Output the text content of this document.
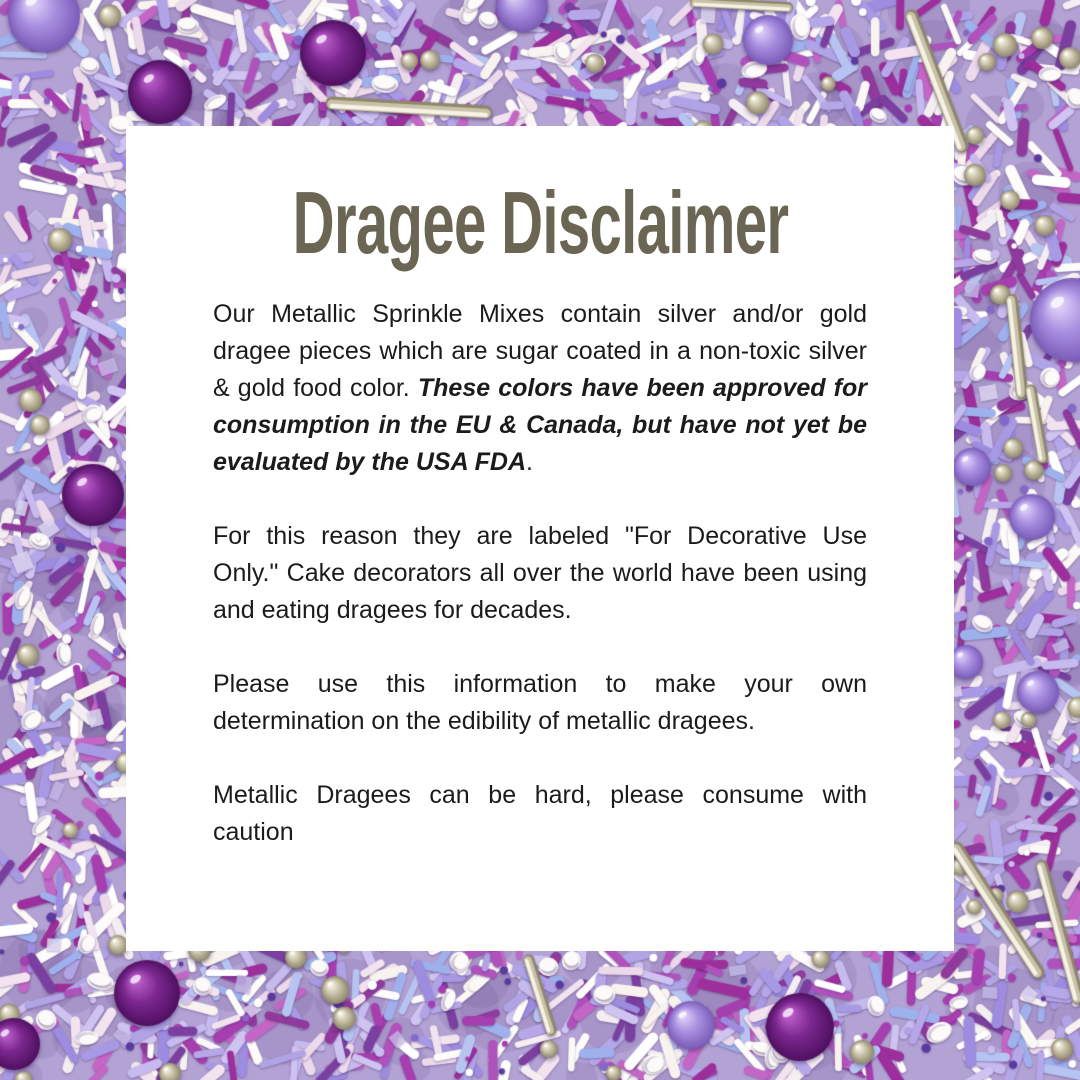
Dragee Disclaimer

Our Metallic Sprinkle Mixes contain silver and/or gold dragee pieces which are sugar coated in a non-toxic silver & gold food color. These colors have been approved for consumption in the EU & Canada, but have not yet be evaluated by the USA FDA.

For this reason they are labeled "For Decorative Use Only." Cake decorators all over the world have been using and eating dragees for decades.

Please use this information to make your own determination on the edibility of metallic dragees.

Metallic Dragees can be hard, please consume with caution
